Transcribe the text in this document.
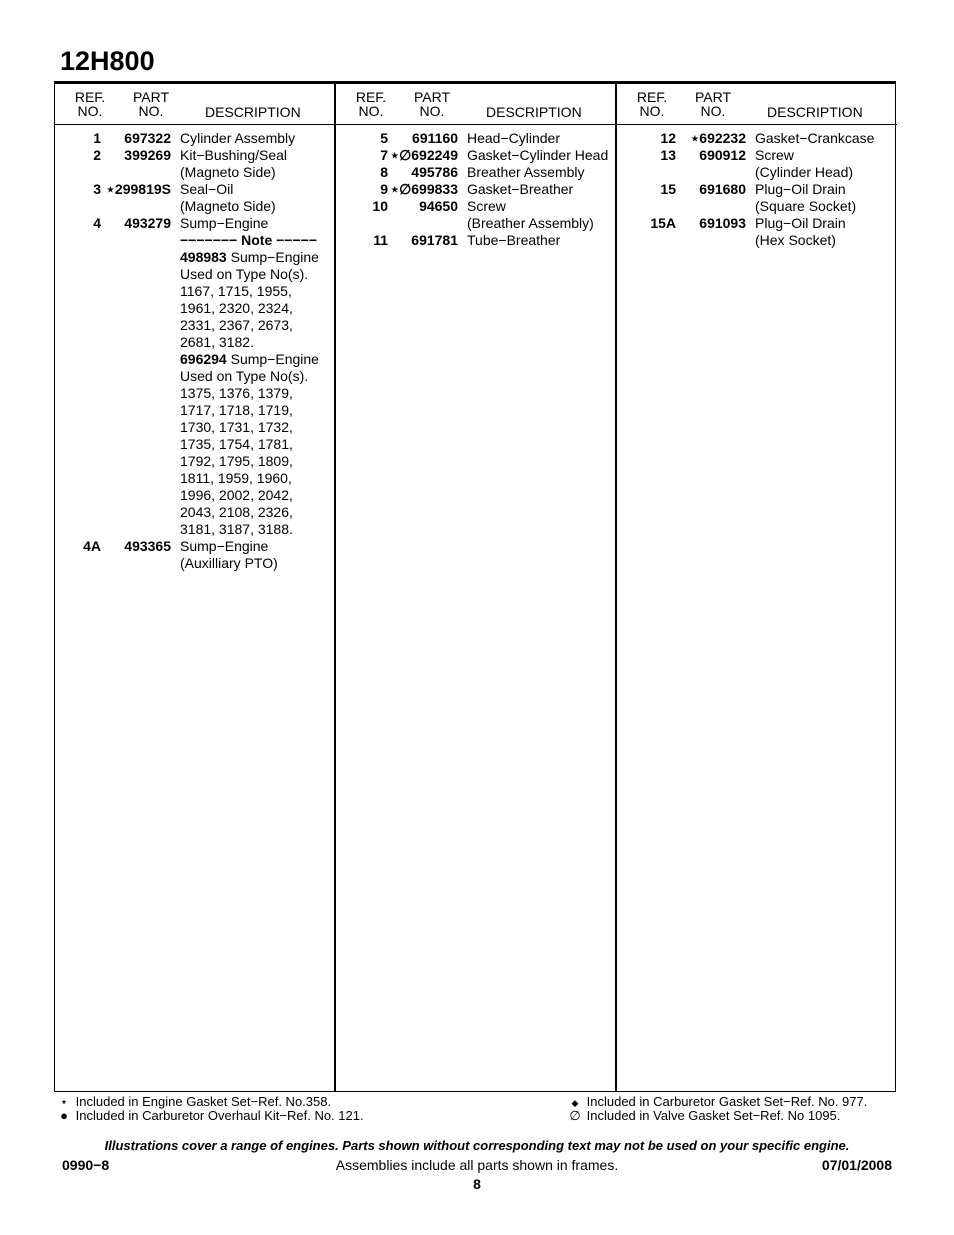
12H800
REF.
NO.
PART
NO.	DESCRIPTION
1	697322 Cylinder Assembly
2	399269 Kit−Bushing/Seal
(Magneto Side)
3 ⋆299819S Seal−Oil
(Magneto Side)
4	493279 Sump−Engine
−−−−−−− Note −−−−−
498983 Sump−Engine
Used on Type No(s).
1167, 1715, 1955,
1961, 2320, 2324,
2331, 2367, 2673,
2681, 3182.
696294 Sump−Engine
Used on Type No(s).
1375, 1376, 1379,
1717, 1718, 1719,
1730, 1731, 1732,
1735, 1754, 1781,
1792, 1795, 1809,
1811, 1959, 1960,
1996, 2002, 2042,
2043, 2108, 2326,
3181, 3187, 3188.
4A	493365 Sump−Engine
(Auxilliary PTO)
REF.
NO.
PART
NO.	DESCRIPTION
5	691160 Head−Cylinder
7 ⋆∅692249 Gasket−Cylinder Head
8	495786 Breather Assembly
9 ⋆∅699833 Gasket−Breather
10	94650 Screw
(Breather Assembly)
11	691781 Tube−Breather
REF.
NO.
PART
NO.	DESCRIPTION
12	⋆692232 Gasket−Crankcase
13	690912 Screw
(Cylinder Head)
15	691680 Plug−Oil Drain
(Square Socket)
15A	691093 Plug−Oil Drain
(Hex Socket)
⋆ Included in Engine Gasket Set−Ref. No.358.
● Included in Carburetor Overhaul Kit−Ref. No. 121.
◆ Included in Carburetor Gasket Set−Ref. No. 977.
∅ Included in Valve Gasket Set−Ref. No 1095.
Illustrations cover a range of engines. Parts shown without corresponding text may not be used on your specific engine.
0990−8	Assemblies include all parts shown in frames.	07/01/2008
8
